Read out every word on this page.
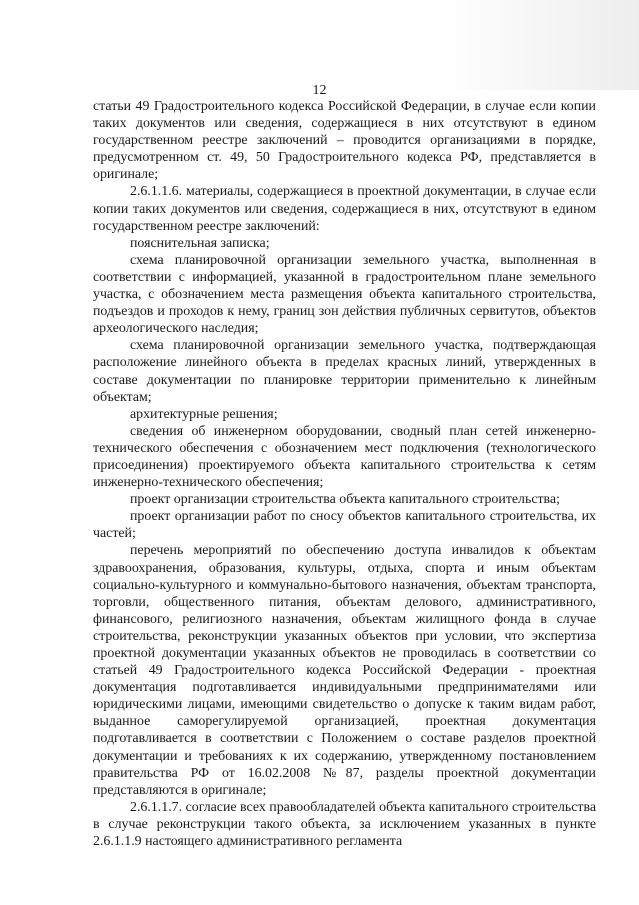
12

статьи 49 Градостроительного кодекса Российской Федерации, в случае если копии таких документов или сведения, содержащиеся в них отсутствуют в едином государственном реестре заключений – проводится организациями в порядке, предусмотренном ст. 49, 50 Градостроительного кодекса РФ, представляется в оригинале;

2.6.1.1.6. материалы, содержащиеся в проектной документации, в случае если копии таких документов или сведения, содержащиеся в них, отсутствуют в едином государственном реестре заключений:

пояснительная записка;

схема планировочной организации земельного участка, выполненная в соответствии с информацией, указанной в градостроительном плане земельного участка, с обозначением места размещения объекта капитального строительства, подъездов и проходов к нему, границ зон действия публичных сервитутов, объектов археологического наследия;

схема планировочной организации земельного участка, подтверждающая расположение линейного объекта в пределах красных линий, утвержденных в составе документации по планировке территории применительно к линейным объектам;

архитектурные решения;

сведения об инженерном оборудовании, сводный план сетей инженерно-технического обеспечения с обозначением мест подключения (технологического присоединения) проектируемого объекта капитального строительства к сетям инженерно-технического обеспечения;

проект организации строительства объекта капитального строительства;

проект организации работ по сносу объектов капитального строительства, их частей;

перечень мероприятий по обеспечению доступа инвалидов к объектам здравоохранения, образования, культуры, отдыха, спорта и иным объектам социально-культурного и коммунально-бытового назначения, объектам транспорта, торговли, общественного питания, объектам делового, административного, финансового, религиозного назначения, объектам жилищного фонда в случае строительства, реконструкции указанных объектов при условии, что экспертиза проектной документации указанных объектов не проводилась в соответствии со статьей 49 Градостроительного кодекса Российской Федерации - проектная документация подготавливается индивидуальными предпринимателями или юридическими лицами, имеющими свидетельство о допуске к таким видам работ, выданное саморегулируемой организацией, проектная документация подготавливается в соответствии с Положением о составе разделов проектной документации и требованиях к их содержанию, утвержденному постановлением правительства РФ от 16.02.2008 №87, разделы проектной документации представляются в оригинале;

2.6.1.1.7. согласие всех правообладателей объекта капитального строительства в случае реконструкции такого объекта, за исключением указанных в пункте 2.6.1.1.9 настоящего административного регламента
